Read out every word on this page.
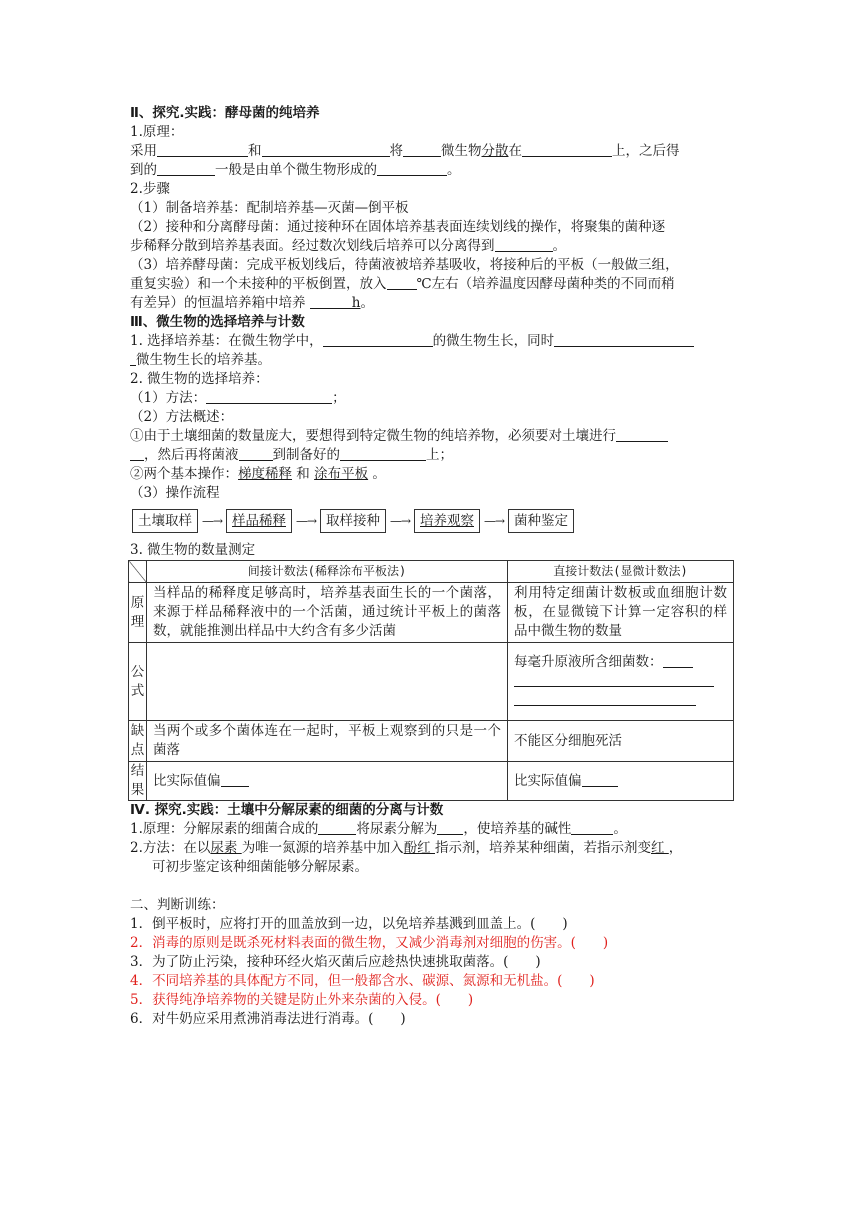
Ⅱ、探究.实践：酵母菌的纯培养
1.原理：
采用	和	将	微生物分散在	上，之后得
到的	一般是由单个微生物形成的	。
2.步骤
（1）制备培养基：配制培养基—灭菌—倒平板
（2）接种和分离酵母菌：通过接种环在固体培养基表面连续划线的操作，将聚集的菌种逐
步稀释分散到培养基表面。经过数次划线后培养可以分离得到	。
（3）培养酵母菌：完成平板划线后，待菌液被培养基吸收，将接种后的平板（一般做三组，
重复实验）和一个未接种的平板倒置，放入 ℃左右（培养温度因酵母菌种类的不同而稍
有差异）的恒温培养箱中培养	h。
Ⅲ、微生物的选择培养与计数
1. 选择培养基：在微生物学中，	的微生物生长，同时
微生物生长的培养基。
2. 微生物的选择培养：
（1）方法：	；
（2）方法概述：
①由于土壤细菌的数量庞大，要想得到特定微生物的纯培养物，必须要对土壤进行
，然后再将菌液	到制备好的	上；
②两个基本操作：梯度稀释 和 涂布平板 。
（3）操作流程
土壤取样 —→ 样品稀释 —→ 取样接种 —→ 培养观察 —→ 菌种鉴定
3. 微生物的数量测定
	间接计数法(稀释涂布平板法)	直接计数法(显微计数法)
原
理	当样品的稀释度足够高时，培养基表面生长的一个菌落，来源于样品稀释液中的一个活菌，通过统计平板上的菌落数，就能推测出样品中大约含有多少活菌	利用特定细菌计数板或血细胞计数板，在显微镜下计算一定容积的样品中微生物的数量
公
式		每毫升原液所含细菌数：

缺
点	当两个或多个菌体连在一起时，平板上观察到的只是一个菌落	不能区分细胞死活
结
果	比实际值偏	比实际值偏
Ⅳ. 探究.实践：土壤中分解尿素的细菌的分离与计数
1.原理：分解尿素的细菌合成的	将尿素分解为 ，使培养基的碱性	。
2.方法：在以尿素 为唯一氮源的培养基中加入酚红 指示剂，培养某种细菌，若指示剂变红 ，
可初步鉴定该种细菌能够分解尿素。
二、判断训练：
1．倒平板时，应将打开的皿盖放到一边，以免培养基溅到皿盖上。(　　)
2．消毒的原则是既杀死材料表面的微生物，又减少消毒剂对细胞的伤害。(　　)
3．为了防止污染，接种环经火焰灭菌后应趁热快速挑取菌落。(　　)
4．不同培养基的具体配方不同，但一般都含水、碳源、氮源和无机盐。(　　)
5．获得纯净培养物的关键是防止外来杂菌的入侵。(　　)
6．对牛奶应采用煮沸消毒法进行消毒。(　　)
